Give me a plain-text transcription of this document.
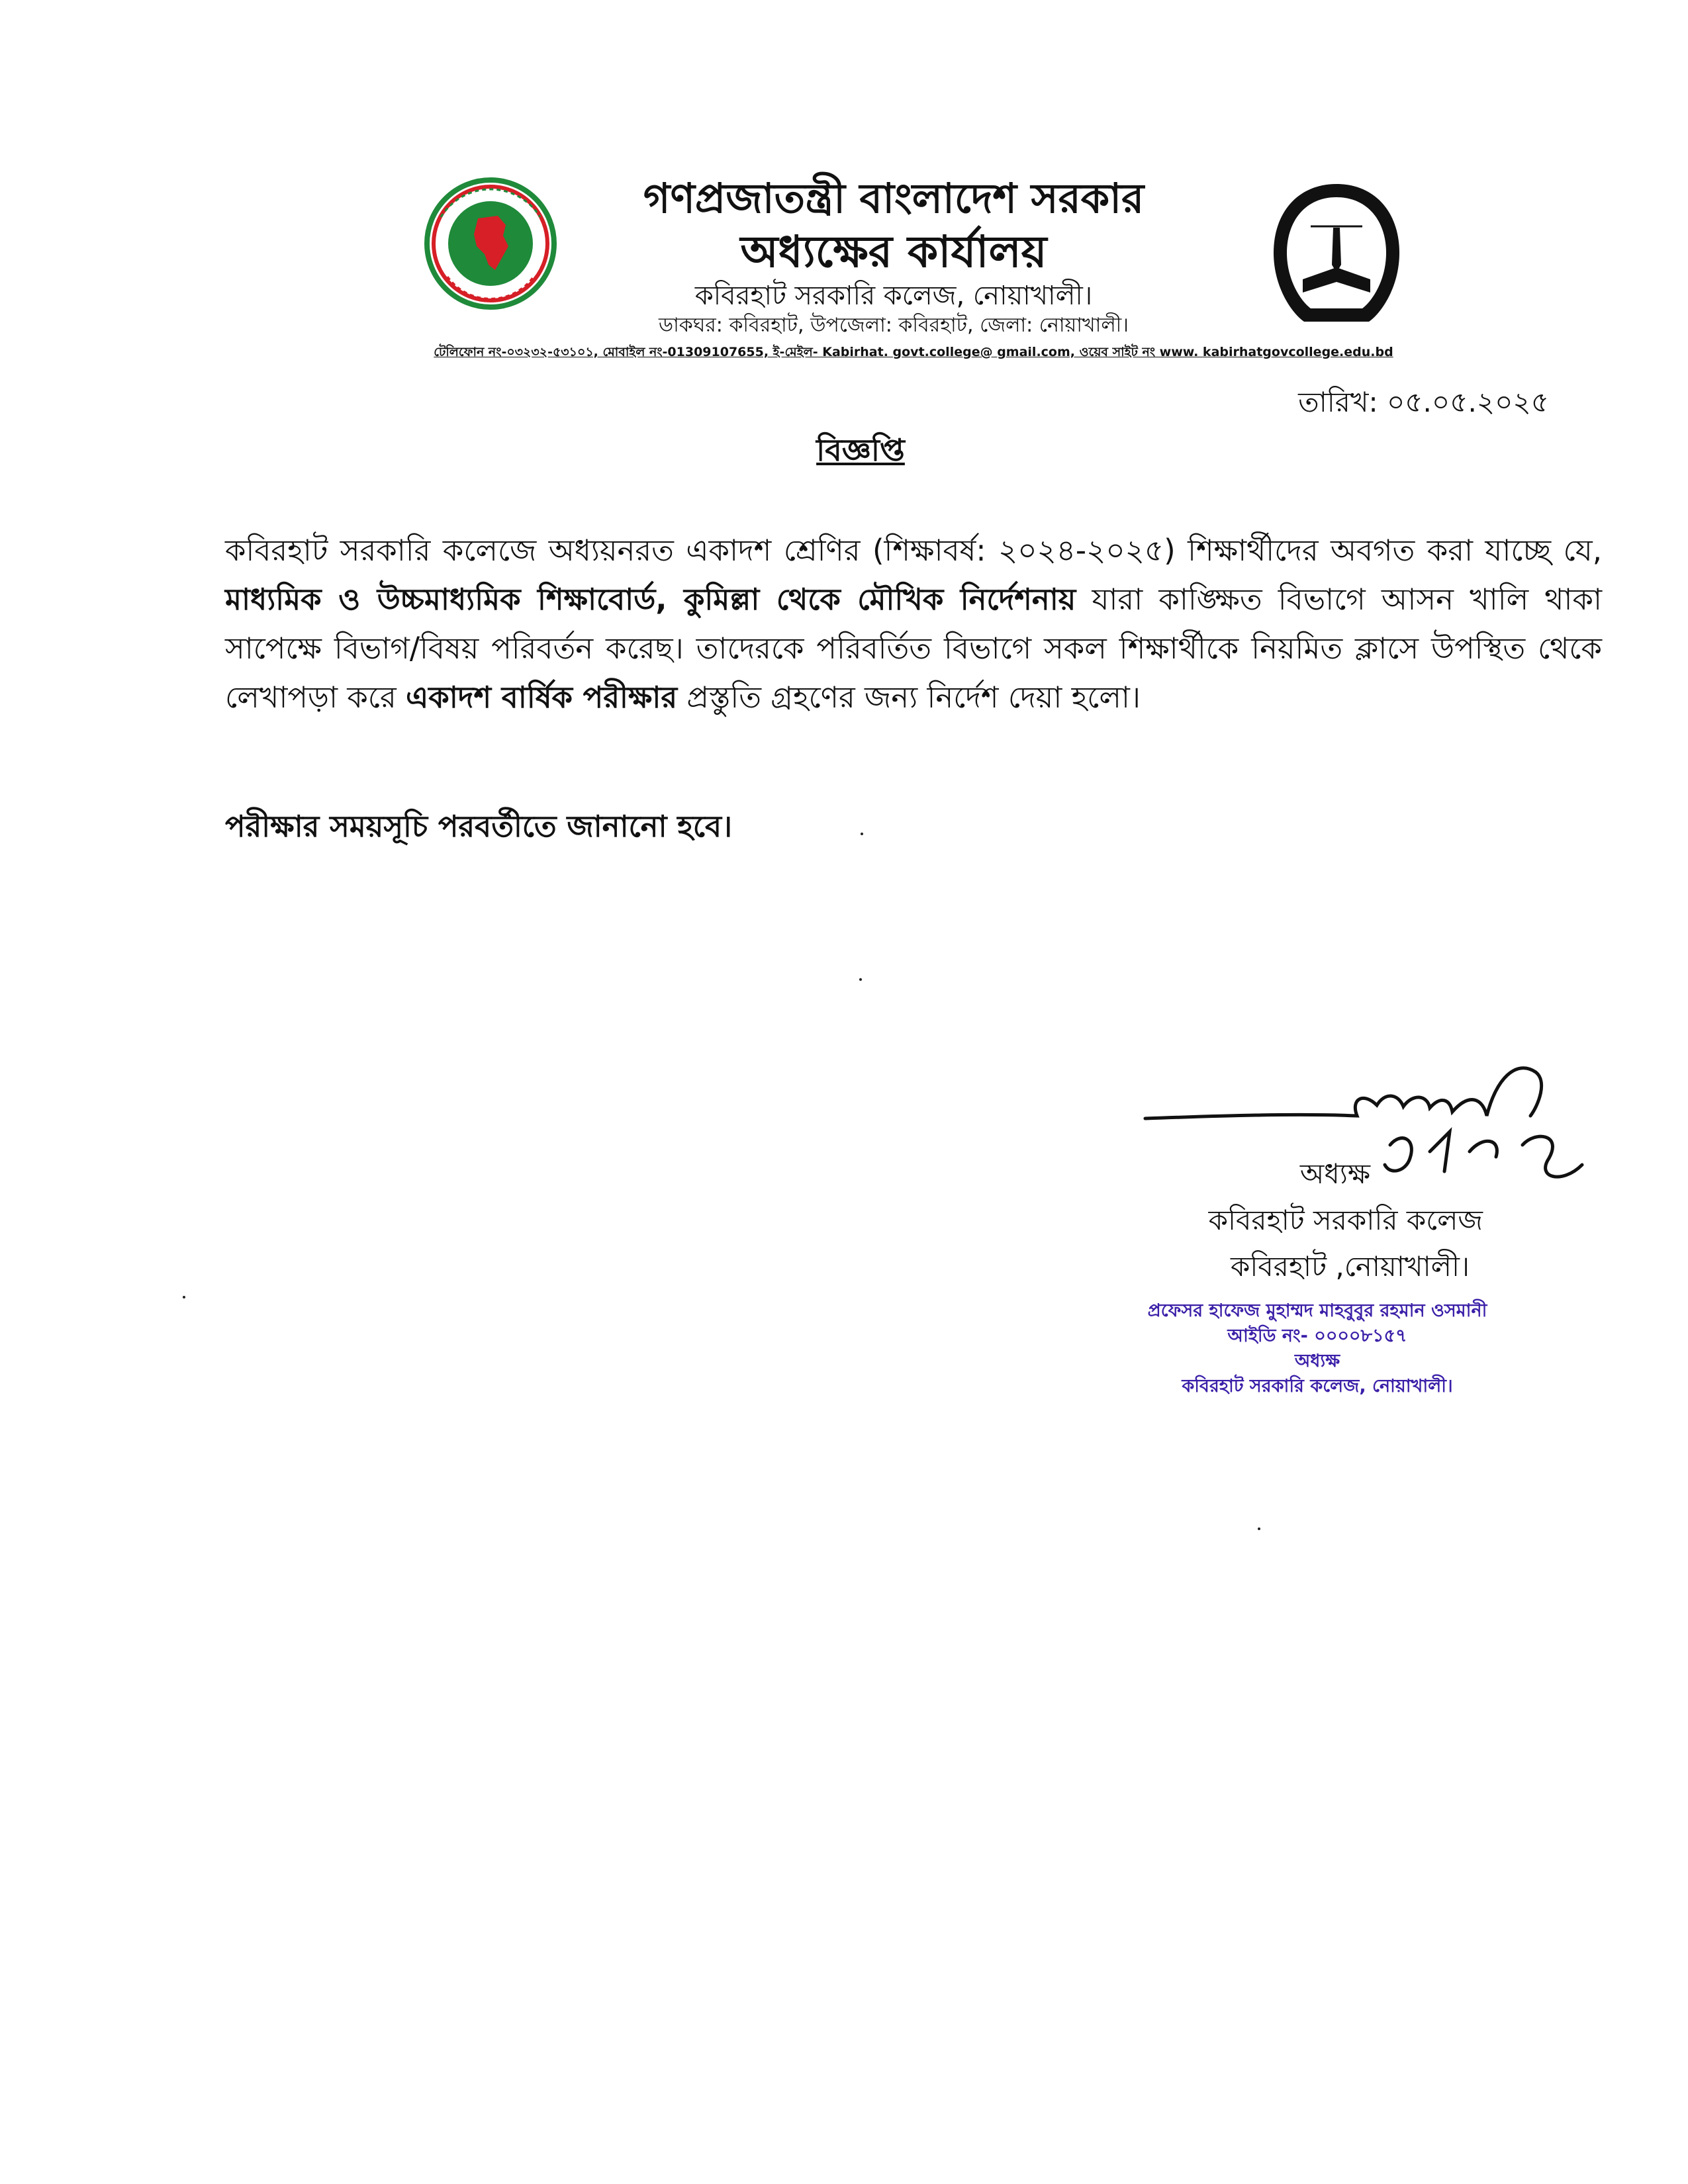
গণপ্রজাতন্ত্রী বাংলাদেশ সরকার
অধ্যক্ষের কার্যালয়
কবিরহাট সরকারি কলেজ, নোয়াখালী।
ডাকঘর: কবিরহাট, উপজেলা: কবিরহাট, জেলা: নোয়াখালী।
টেলিফোন নং-০৩২৩২-৫৩১০১, মোবাইল নং-01309107655, ই-মেইল- Kabirhat. govt.college@ gmail.com, ওয়েব সাইট নং www. kabirhatgovcollege.edu.bd
তারিখ: ০৫.০৫.২০২৫
বিজ্ঞপ্তি
কবিরহাট সরকারি কলেজে অধ্যয়নরত একাদশ শ্রেণির (শিক্ষাবর্ষ: ২০২৪-২০২৫) শিক্ষার্থীদের অবগত করা যাচ্ছে যে, মাধ্যমিক ও উচ্চমাধ্যমিক শিক্ষাবোর্ড, কুমিল্লা থেকে মৌখিক নির্দেশনায় যারা কাঙ্ক্ষিত বিভাগে আসন খালি থাকা সাপেক্ষে বিভাগ/বিষয় পরিবর্তন করেছ। তাদেরকে পরিবর্তিত বিভাগে সকল শিক্ষার্থীকে নিয়মিত ক্লাসে উপস্থিত থেকে লেখাপড়া করে একাদশ বার্ষিক পরীক্ষার প্রস্তুতি গ্রহণের জন্য নির্দেশ দেয়া হলো।
পরীক্ষার সময়সূচি পরবর্তীতে জানানো হবে।
অধ্যক্ষ
কবিরহাট সরকারি কলেজ
কবিরহাট ,নোয়াখালী।
প্রফেসর হাফেজ মুহাম্মদ মাহবুবুর রহমান ওসমানী
আইডি নং- ০০০০৮১৫৭
অধ্যক্ষ
কবিরহাট সরকারি কলেজ, নোয়াখালী।
